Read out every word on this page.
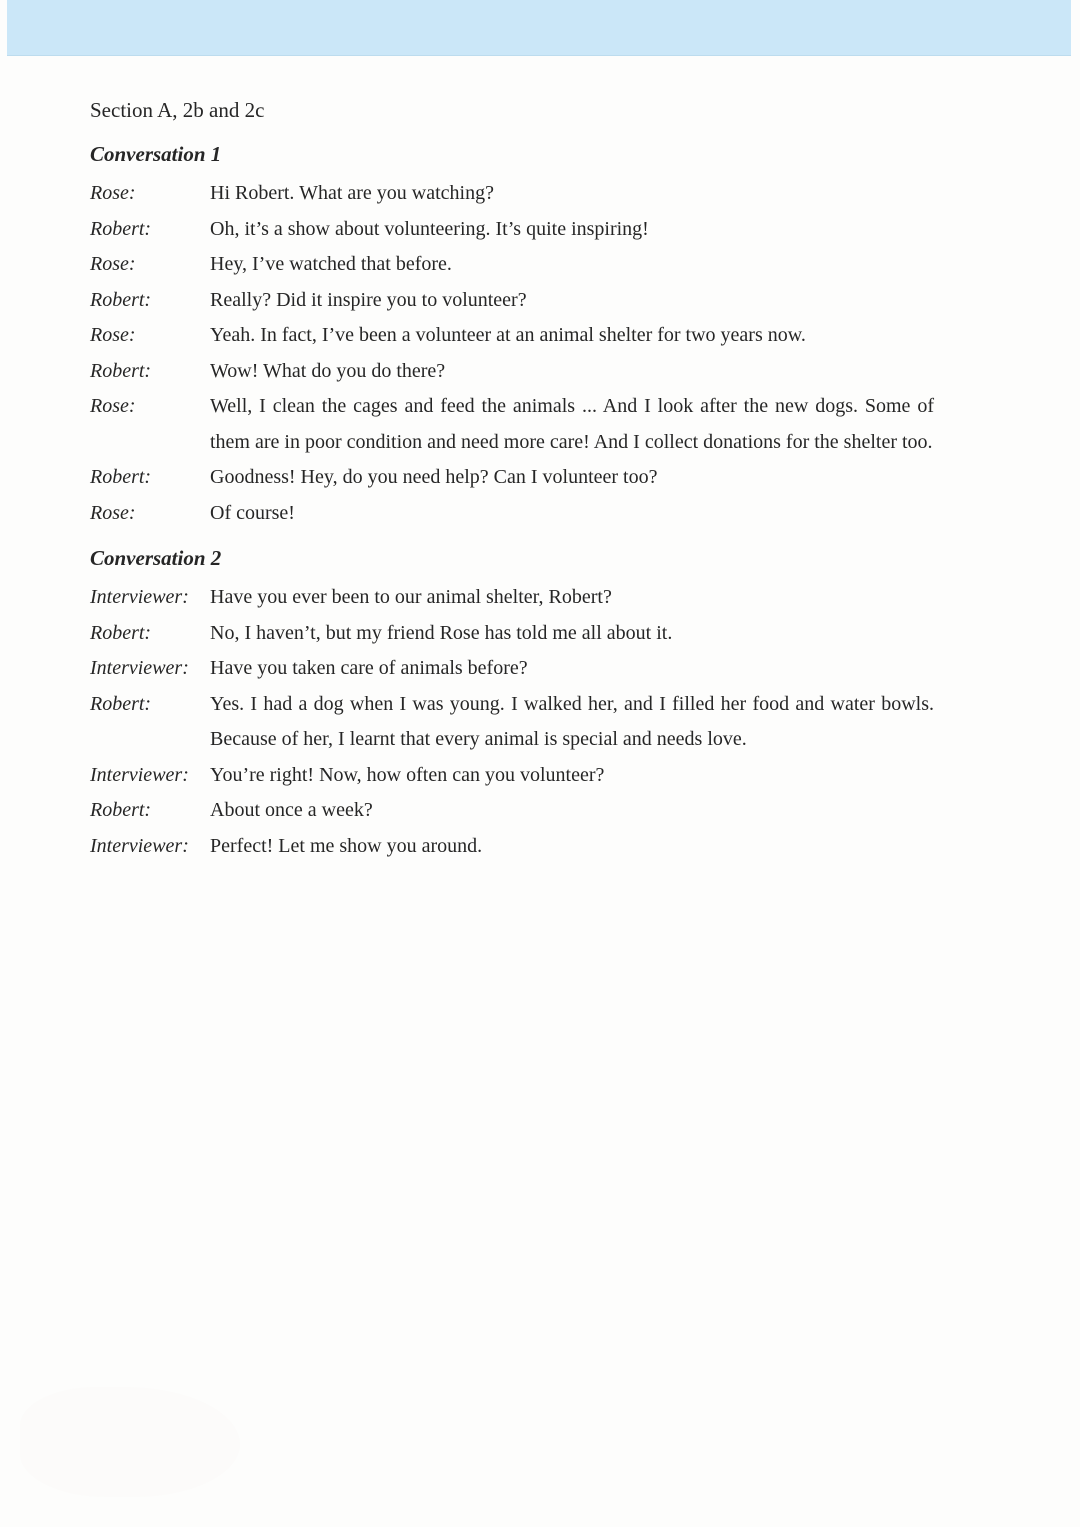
Section A, 2b and 2c
Conversation 1
Rose:	Hi Robert. What are you watching?
Robert:	Oh, it’s a show about volunteering. It’s quite inspiring!
Rose:	Hey, I’ve watched that before.
Robert:	Really? Did it inspire you to volunteer?
Rose:	Yeah. In fact, I’ve been a volunteer at an animal shelter for two years now.
Robert:	Wow! What do you do there?
Rose:	Well, I clean the cages and feed the animals ... And I look after the new dogs. Some of them are in poor condition and need more care! And I collect donations for the shelter too.
Robert:	Goodness! Hey, do you need help? Can I volunteer too?
Rose:	Of course!
Conversation 2
Interviewer:	Have you ever been to our animal shelter, Robert?
Robert:	No, I haven’t, but my friend Rose has told me all about it.
Interviewer:	Have you taken care of animals before?
Robert:	Yes. I had a dog when I was young. I walked her, and I filled her food and water bowls. Because of her, I learnt that every animal is special and needs love.
Interviewer:	You’re right! Now, how often can you volunteer?
Robert:	About once a week?
Interviewer:	Perfect! Let me show you around.
